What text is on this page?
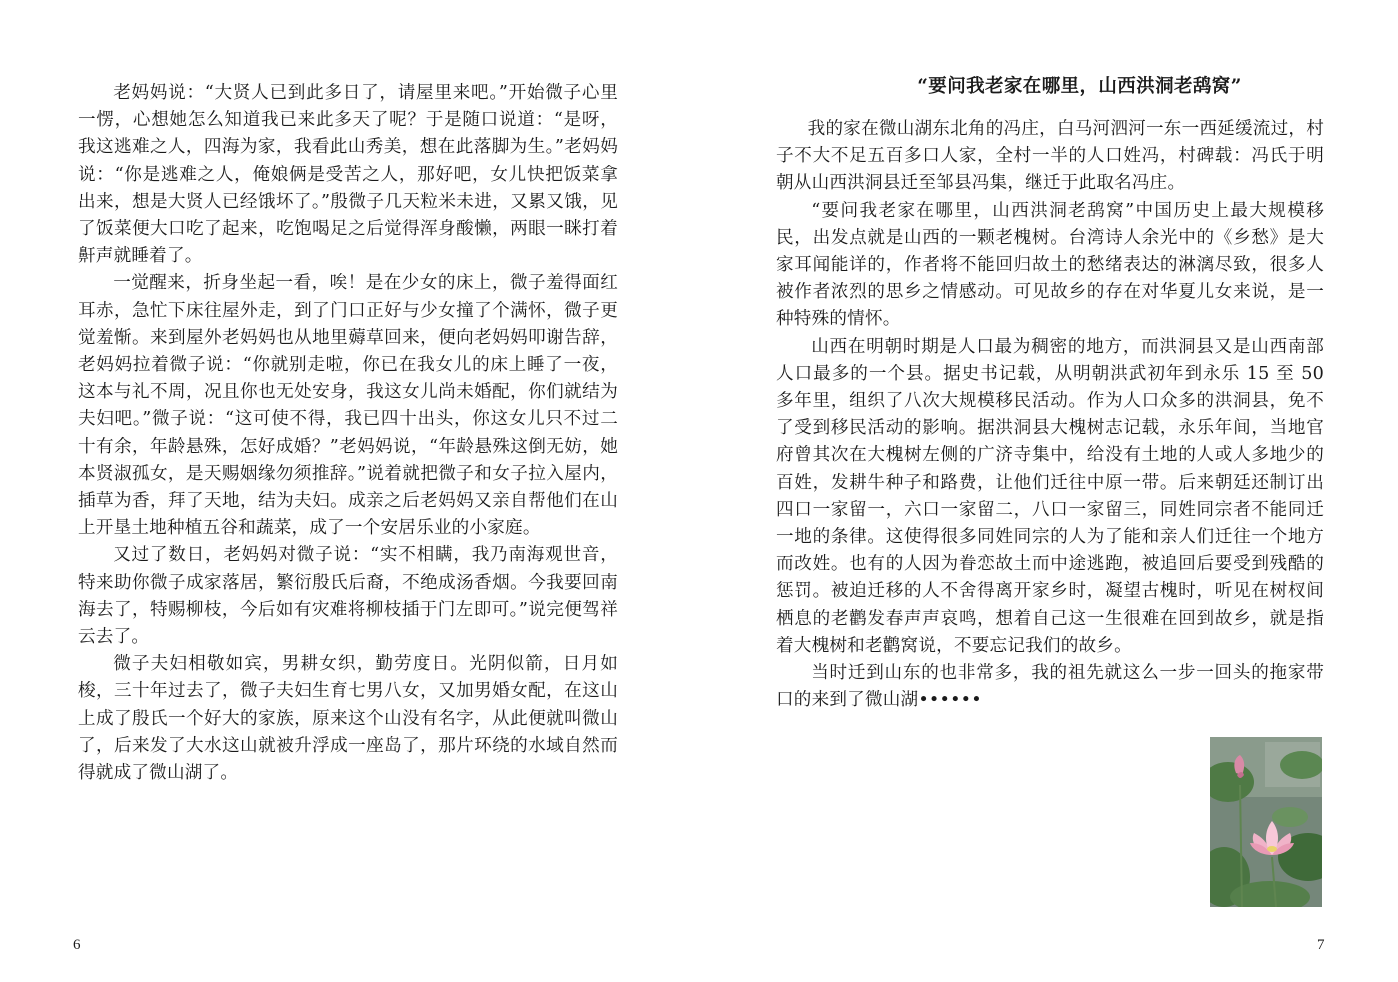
老妈妈说：“大贤人已到此多日了，请屋里来吧。”开始微子心里一愣，心想她怎么知道我已来此多天了呢？于是随口说道：“是呀，我这逃难之人，四海为家，我看此山秀美，想在此落脚为生。”老妈妈说：“你是逃难之人，俺娘俩是受苦之人，那好吧，女儿快把饭菜拿出来，想是大贤人已经饿坏了。”殷微子几天粒米未进，又累又饿，见了饭菜便大口吃了起来，吃饱喝足之后觉得浑身酸懒，两眼一眯打着鼾声就睡着了。

一觉醒来，折身坐起一看，唉！是在少女的床上，微子羞得面红耳赤，急忙下床往屋外走，到了门口正好与少女撞了个满怀，微子更觉羞惭。来到屋外老妈妈也从地里薅草回来，便向老妈妈叩谢告辞，老妈妈拉着微子说：“你就别走啦，你已在我女儿的床上睡了一夜，这本与礼不周，况且你也无处安身，我这女儿尚未婚配，你们就结为夫妇吧。”微子说：“这可使不得，我已四十出头，你这女儿只不过二十有余，年龄悬殊，怎好成婚？”老妈妈说，“年龄悬殊这倒无妨，她本贤淑孤女，是天赐姻缘勿须推辞。”说着就把微子和女子拉入屋内，插草为香，拜了天地，结为夫妇。成亲之后老妈妈又亲自帮他们在山上开垦土地种植五谷和蔬菜，成了一个安居乐业的小家庭。

又过了数日，老妈妈对微子说：“实不相瞒，我乃南海观世音，特来助你微子成家落居，繁衍殷氏后裔，不绝成汤香烟。今我要回南海去了，特赐柳枝，今后如有灾难将柳枝插于门左即可。”说完便驾祥云去了。

微子夫妇相敬如宾，男耕女织，勤劳度日。光阴似箭，日月如梭，三十年过去了，微子夫妇生育七男八女，又加男婚女配，在这山上成了殷氏一个好大的家族，原来这个山没有名字，从此便就叫微山了，后来发了大水这山就被升浮成一座岛了，那片环绕的水域自然而得就成了微山湖了。

6
“要问我老家在哪里，山西洪洞老鸹窝”

我的家在微山湖东北角的冯庄，白马河泗河一东一西延缓流过，村子不大不足五百多口人家，全村一半的人口姓冯，村碑载：冯氏于明朝从山西洪洞县迁至邹县冯集，继迁于此取名冯庄。

“要问我老家在哪里，山西洪洞老鸹窝”中国历史上最大规模移民，出发点就是山西的一颗老槐树。台湾诗人余光中的《乡愁》是大家耳闻能详的，作者将不能回归故土的愁绪表达的淋漓尽致，很多人被作者浓烈的思乡之情感动。可见故乡的存在对华夏儿女来说，是一种特殊的情怀。

山西在明朝时期是人口最为稠密的地方，而洪洞县又是山西南部人口最多的一个县。据史书记载，从明朝洪武初年到永乐 15 至 50 多年里，组织了八次大规模移民活动。作为人口众多的洪洞县，免不了受到移民活动的影响。据洪洞县大槐树志记载，永乐年间，当地官府曾其次在大槐树左侧的广济寺集中，给没有土地的人或人多地少的百姓，发耕牛种子和路费，让他们迁往中原一带。后来朝廷还制订出四口一家留一，六口一家留二，八口一家留三，同姓同宗者不能同迁一地的条律。这使得很多同姓同宗的人为了能和亲人们迁往一个地方而改姓。也有的人因为眷恋故土而中途逃跑，被追回后要受到残酷的惩罚。被迫迁移的人不舍得离开家乡时，凝望古槐时，听见在树杈间栖息的老鹳发春声声哀鸣，想着自己这一生很难在回到故乡，就是指着大槐树和老鹳窝说，不要忘记我们的故乡。

当时迁到山东的也非常多，我的祖先就这么一步一回头的拖家带口的来到了微山湖••••••

7
